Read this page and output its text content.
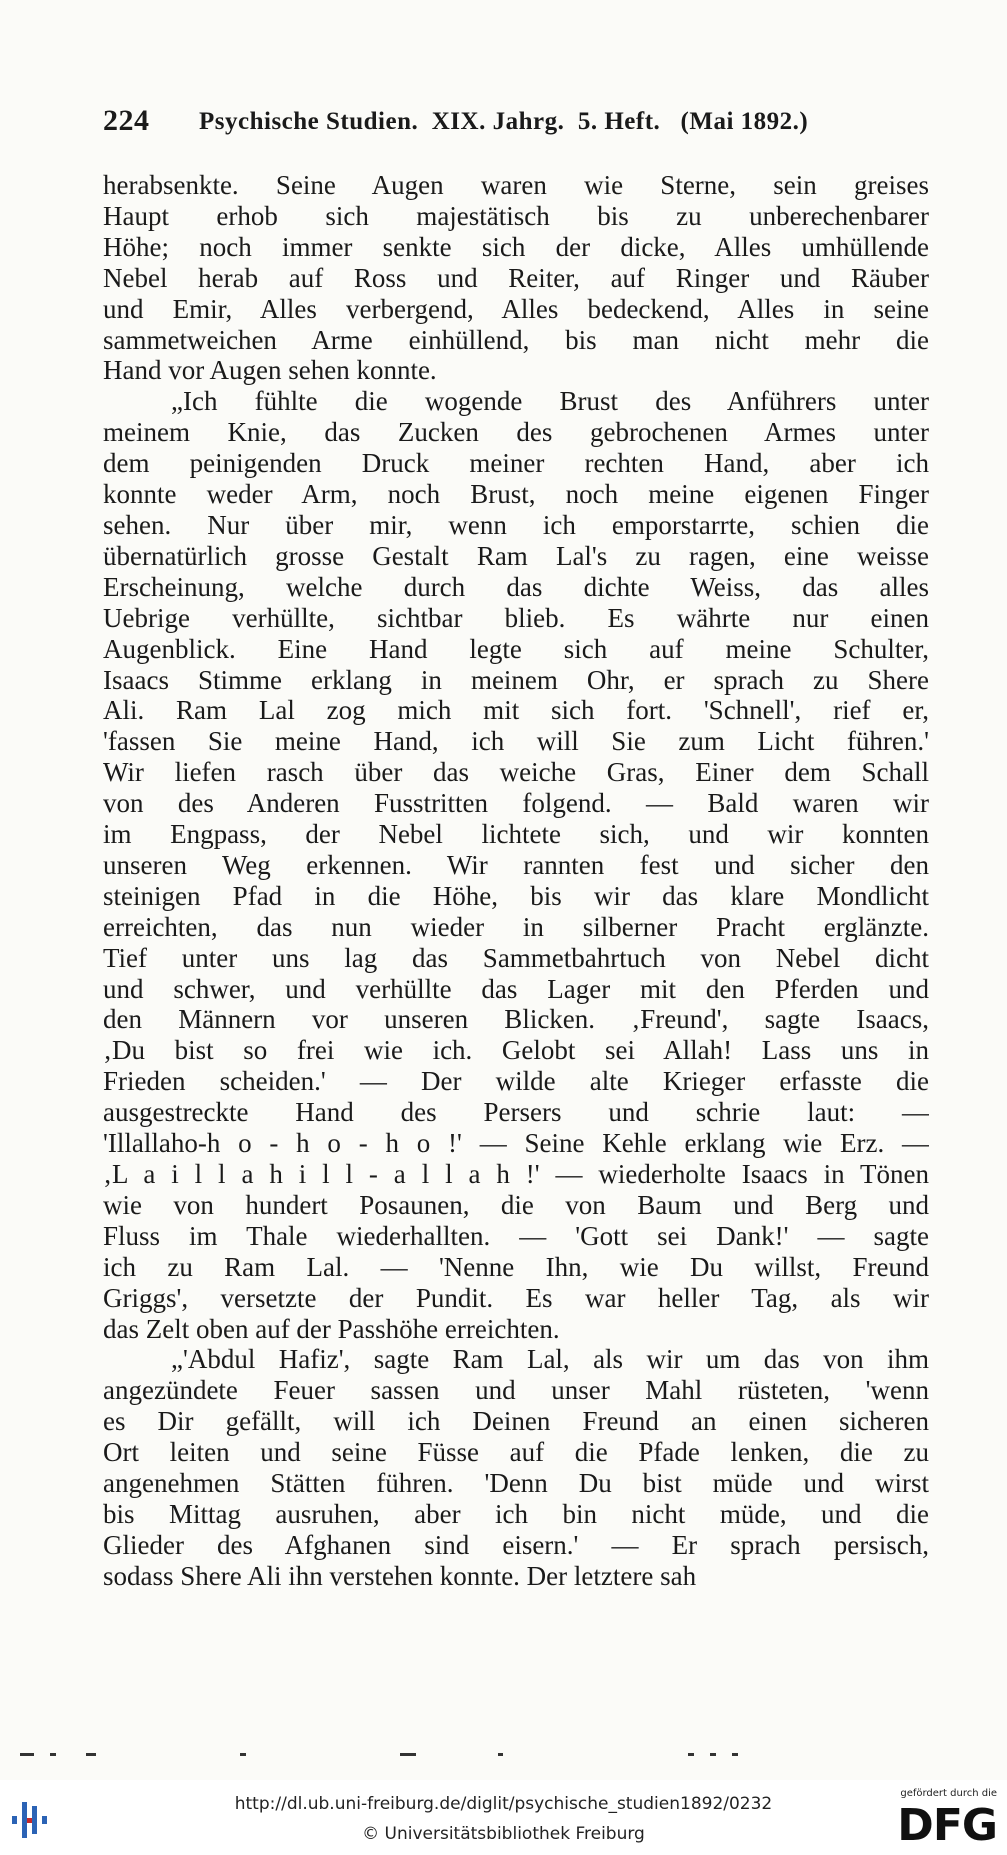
224 Psychische Studien.  XIX. Jahrg.  5. Heft.   (Mai 1892.)

herabsenkte. Seine Augen waren wie Sterne, sein greises

Haupt erhob sich majestätisch bis zu unberechenbarer

Höhe; noch immer senkte sich der dicke, Alles umhüllende

Nebel herab auf Ross und Reiter, auf Ringer und Räuber

und Emir, Alles verbergend, Alles bedeckend, Alles in seine

sammetweichen Arme einhüllend, bis man nicht mehr die

Hand vor Augen sehen konnte.

„Ich fühlte die wogende Brust des Anführers unter

meinem Knie, das Zucken des gebrochenen Armes unter

dem peinigenden Druck meiner rechten Hand, aber ich

konnte weder Arm, noch Brust, noch meine eigenen Finger

sehen. Nur über mir, wenn ich emporstarrte, schien die

übernatürlich grosse Gestalt Ram Lal's zu ragen, eine weisse

Erscheinung, welche durch das dichte Weiss, das alles

Uebrige verhüllte, sichtbar blieb. Es währte nur einen

Augenblick. Eine Hand legte sich auf meine Schulter,

Isaacs Stimme erklang in meinem Ohr, er sprach zu Shere

Ali. Ram Lal zog mich mit sich fort. 'Schnell', rief er,

'fassen Sie meine Hand, ich will Sie zum Licht führen.'

Wir liefen rasch über das weiche Gras, Einer dem Schall

von des Anderen Fusstritten folgend. — Bald waren wir

im Engpass, der Nebel lichtete sich, und wir konnten

unseren Weg erkennen. Wir rannten fest und sicher den

steinigen Pfad in die Höhe, bis wir das klare Mondlicht

erreichten, das nun wieder in silberner Pracht erglänzte.

Tief unter uns lag das Sammetbahrtuch von Nebel dicht

und schwer, und verhüllte das Lager mit den Pferden und

den Männern vor unseren Blicken. ‚Freund', sagte Isaacs,

‚Du bist so frei wie ich. Gelobt sei Allah! Lass uns in

Frieden scheiden.' — Der wilde alte Krieger erfasste die

ausgestreckte Hand des Persers und schrie laut: —

'Illallaho-h o - h o - h o !' — Seine Kehle erklang wie Erz. —

‚L a i l l a h i l l - a l l a h !' — wiederholte Isaacs in Tönen

wie von hundert Posaunen, die von Baum und Berg und

Fluss im Thale wiederhallten. — 'Gott sei Dank!' — sagte

ich zu Ram Lal. — 'Nenne Ihn, wie Du willst, Freund

Griggs', versetzte der Pundit. Es war heller Tag, als wir

das Zelt oben auf der Passhöhe erreichten.

„'Abdul Hafiz', sagte Ram Lal, als wir um das von ihm

angezündete Feuer sassen und unser Mahl rüsteten, 'wenn

es Dir gefällt, will ich Deinen Freund an einen sicheren

Ort leiten und seine Füsse auf die Pfade lenken, die zu

angenehmen Stätten führen. 'Denn Du bist müde und wirst

bis Mittag ausruhen, aber ich bin nicht müde, und die

Glieder des Afghanen sind eisern.' — Er sprach persisch,

sodass Shere Ali ihn verstehen konnte. Der letztere sah

http://dl.ub.uni-freiburg.de/diglit/psychische_studien1892/0232
© Universitätsbibliothek Freiburg
gefördert durch die
DFG
